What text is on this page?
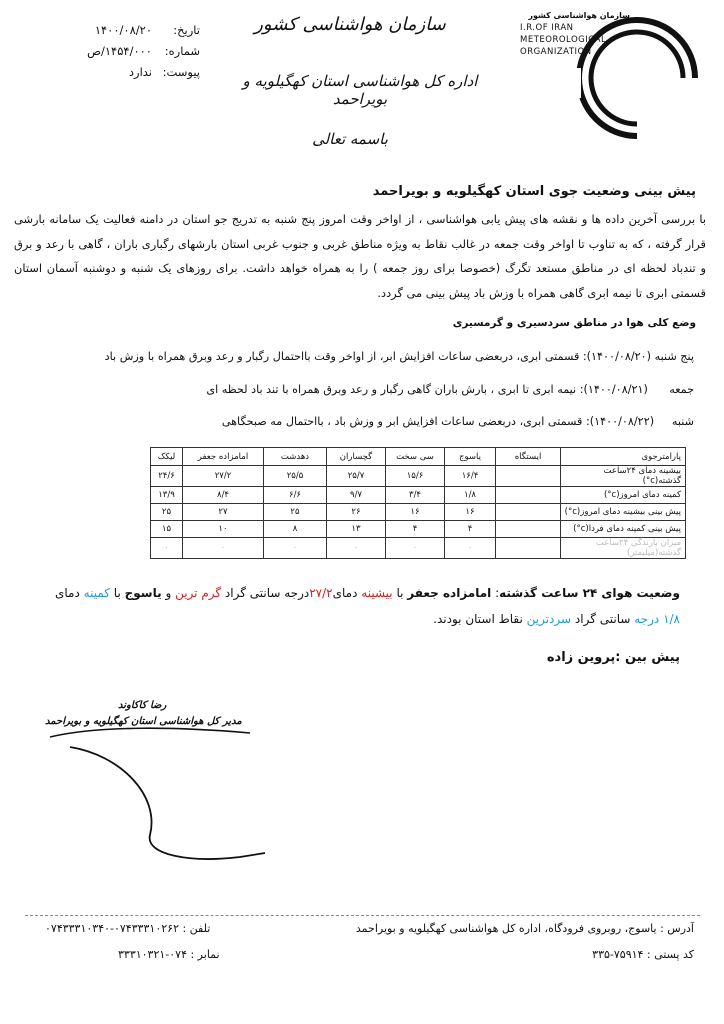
سازمان هواشناسی کشور
I.R.OF IRAN
METEOROLOGICAL
ORGANIZATION
سازمان هواشناسی کشور
اداره کل هواشناسی استان کهگیلویه و بویراحمد
باسمه تعالی
تاریخ:
۱۴۰۰/۰۸/۲۰
شماره:
۱۴۵۴/۰۰۰/ص
پیوست:
ندارد
پیش بینی وضعیت جوی استان کهگیلویه و بویراحمد
با بررسی آخرین داده ها و نقشه های پیش یابی هواشناسی ، از اواخر وقت امروز پنج شنبه به تدریج جو استان در دامنه فعالیت یک سامانه بارشی قرار گرفته ، که به تناوب تا اواخر وقت جمعه در غالب نقاط به ویژه مناطق غربی و جنوب غربی استان بارشهای رگباری باران ، گاهی با رعد و برق و تندباد لحظه ای در مناطق مستعد تگرگ (خصوصا برای روز جمعه ) را به همراه خواهد داشت. برای روزهای یک شنبه و دوشنبه آسمان استان قسمتی ابری تا نیمه ابری گاهی همراه با وزش باد پیش بینی می گردد.
وضع کلی هوا در مناطق سردسیری و گرمسیری
پنج شنبه (۱۴۰۰/۰۸/۲۰): قسمتی ابری، دربعضی ساعات افزایش ابر، از اواخر وقت بااحتمال رگبار و رعد وبرق همراه با وزش باد
جمعه      (۱۴۰۰/۰۸/۲۱): نیمه ابری تا ابری ، بارش باران گاهی رگبار و رعد وبرق همراه با تند باد لحظه ای
شنبه     (۱۴۰۰/۰۸/۲۲): قسمتی ابری، دربعضی ساعات افزایش ابر و وزش باد ، بااحتمال مه صبحگاهی
پارامترجوی	ایستگاه	یاسوج	سی سخت	گچساران	دهدشت	امامزاده جعفر	لیکک
بیشینه دمای ۲۴ساعت گذشته(c°)		۱۶/۴	۱۵/۶	۲۵/۷	۲۵/۵	۲۷/۲	۲۴/۶
کمینه دمای امروز(c°)		۱/۸	۳/۴	۹/۷	۶/۶	۸/۴	۱۳/۹
پیش بینی بیشینه دمای امروز(c°)		۱۶	۱۶	۲۶	۲۵	۲۷	۲۵
پیش بینی کمینه دمای فردا(c°)		۴	۴	۱۳	۸	۱۰	۱۵
میزان بارندگی ۲۴ساعت گذشته(میلیمتر)		۰	۰	۰	۰	۰	۰
وضعیت هوای ۲۴ ساعت گذشته: امامزاده جعفر با بیشینه دمای۲۷/۲درجه سانتی گراد گرم ترین و یاسوج با کمینه دمای ۱/۸ درجه سانتی گراد سردترین نقاط استان بودند.
پیش بین :پروین زاده
رضا کاکاوند
مدیر کل هواشناسی استان کهگیلویه و بویراحمد
آدرس : یاسوج، روبروی فرودگاه، اداره کل هواشناسی کهگیلویه و بویراحمد
کد پستی : ۷۵۹۱۴-۳۳۵
تلفن : ۰۷۴۳۳۳۱۰۲۶۲-۰۷۴۳۳۳۱۰۳۴۰
نمابر : ۰۷۴-۳۳۳۱۰۳۲۱
